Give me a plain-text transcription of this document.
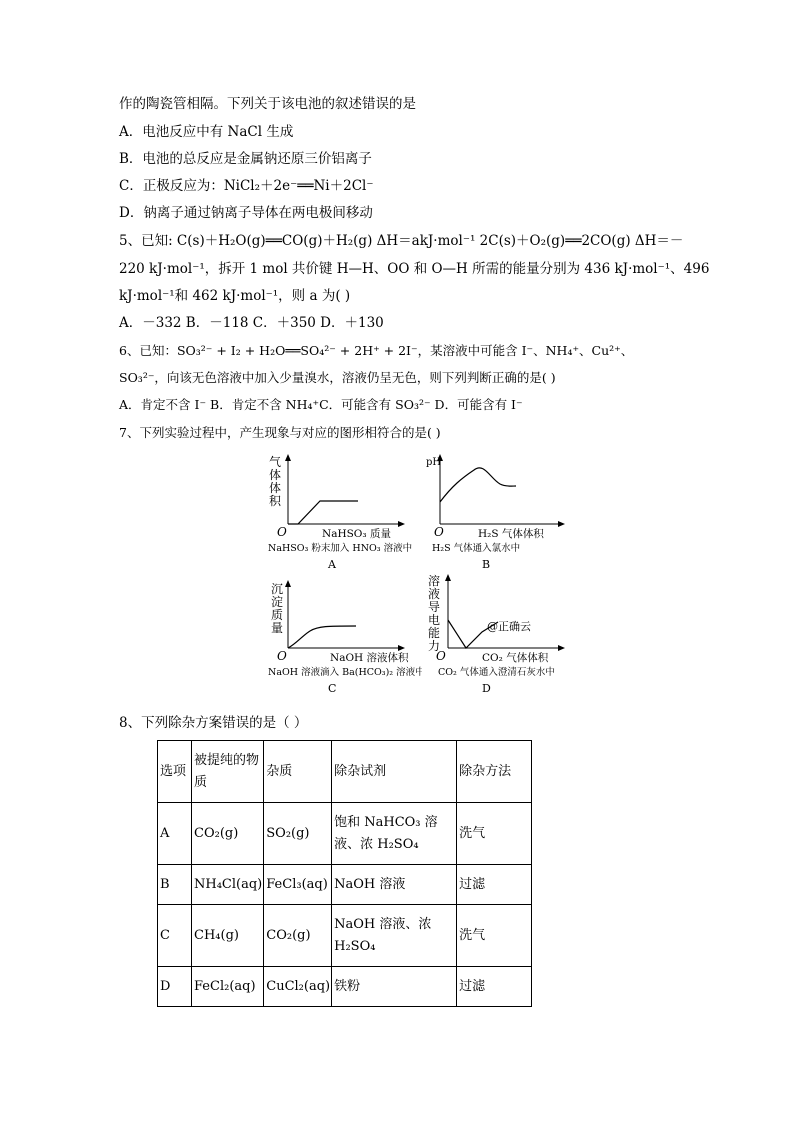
作的陶瓷管相隔。下列关于该电池的叙述错误的是
A．电池反应中有 NaCl 生成
B．电池的总反应是金属钠还原三价铝离子
C．正极反应为：NiCl₂＋2e⁻══Ni＋2Cl⁻
D．钠离子通过钠离子导体在两电极间移动
5、已知: C(s)＋H₂O(g)══CO(g)＋H₂(g) ΔH＝akJ·mol⁻¹ 2C(s)＋O₂(g)══2CO(g) ΔH＝－
220 kJ·mol⁻¹，拆开 1 mol 共价键 H—H、OO 和 O—H 所需的能量分别为 436 kJ·mol⁻¹、496
kJ·mol⁻¹和 462 kJ·mol⁻¹，则 a 为( )
A．－332 B．－118 C．＋350 D．＋130
6、已知：SO₃²⁻ + I₂ + H₂O══SO₄²⁻ + 2H⁺ + 2I⁻，某溶液中可能含 I⁻、NH₄⁺、Cu²⁺、
SO₃²⁻，向该无色溶液中加入少量溴水，溶液仍呈无色，则下列判断正确的是( )
A．肯定不含 I⁻ B．肯定不含 NH₄⁺C．可能含有 SO₃²⁻ D．可能含有 I⁻
7、下列实验过程中，产生现象与对应的图形相符合的是( )
气
体
体
积
O	NaHSO₃ 质量
NaHSO₃ 粉末加入 HNO₃ 溶液中
A
pH
O	H₂S 气体体积
H₂S 气体通入氯水中
B
沉
淀
质
量
O	NaOH 溶液体积
NaOH 溶液滴入 Ba(HCO₃)₂ 溶液中
C
溶
液
导
电
能
力
@正确云
O	CO₂ 气体体积
CO₂ 气体通入澄清石灰水中
D
8、下列除杂方案错误的是（ ）
选项	被提纯的物质	杂质	除杂试剂	除杂方法
A	CO₂(g)	SO₂(g)	饱和 NaHCO₃ 溶液、浓 H₂SO₄	洗气
B	NH₄Cl(aq)	FeCl₃(aq)	NaOH 溶液	过滤
C	CH₄(g)	CO₂(g)	NaOH 溶液、浓 H₂SO₄	洗气
D	FeCl₂(aq)	CuCl₂(aq)	铁粉	过滤
